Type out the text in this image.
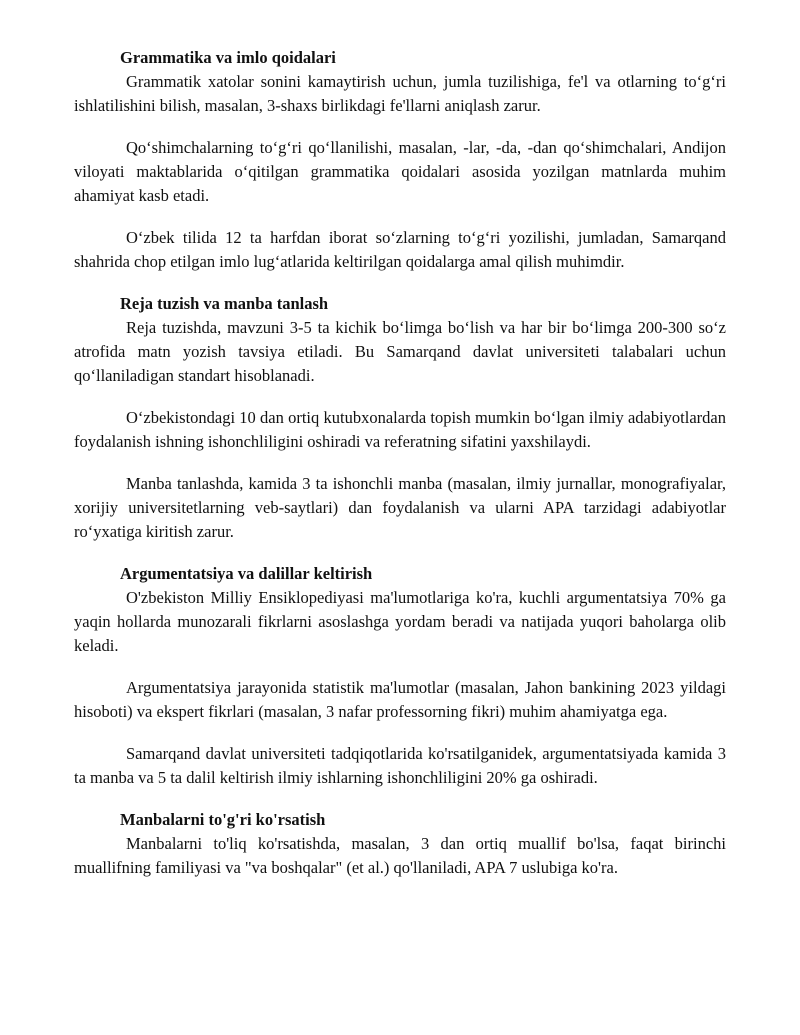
Grammatika va imlo qoidalari

Grammatik xatolar sonini kamaytirish uchun, jumla tuzilishiga, fe'l va otlarning to‘g‘ri ishlatilishini bilish, masalan, 3-shaxs birlikdagi fe'llarni aniqlash zarur.

Qo‘shimchalarning to‘g‘ri qo‘llanilishi, masalan, -lar, -da, -dan qo‘shimchalari, Andijon viloyati maktablarida o‘qitilgan grammatika qoidalari asosida yozilgan matnlarda muhim ahamiyat kasb etadi.

O‘zbek tilida 12 ta harfdan iborat so‘zlarning to‘g‘ri yozilishi, jumladan, Samarqand shahrida chop etilgan imlo lug‘atlarida keltirilgan qoidalarga amal qilish muhimdir.

Reja tuzish va manba tanlash

Reja tuzishda, mavzuni 3-5 ta kichik bo‘limga bo‘lish va har bir bo‘limga 200-300 so‘z atrofida matn yozish tavsiya etiladi. Bu Samarqand davlat universiteti talabalari uchun qo‘llaniladigan standart hisoblanadi.

O‘zbekistondagi 10 dan ortiq kutubxonalarda topish mumkin bo‘lgan ilmiy adabiyotlardan foydalanish ishning ishonchliligini oshiradi va referatning sifatini yaxshilaydi.

Manba tanlashda, kamida 3 ta ishonchli manba (masalan, ilmiy jurnallar, monografiyalar, xorijiy universitetlarning veb-saytlari) dan foydalanish va ularni APA tarzidagi adabiyotlar ro‘yxatiga kiritish zarur.

Argumentatsiya va dalillar keltirish

O'zbekiston Milliy Ensiklopediyasi ma'lumotlariga ko'ra, kuchli argumentatsiya 70% ga yaqin hollarda munozarali fikrlarni asoslashga yordam beradi va natijada yuqori baholarga olib keladi.

Argumentatsiya jarayonida statistik ma'lumotlar (masalan, Jahon bankining 2023 yildagi hisoboti) va ekspert fikrlari (masalan, 3 nafar professorning fikri) muhim ahamiyatga ega.

Samarqand davlat universiteti tadqiqotlarida ko'rsatilganidek, argumentatsiyada kamida 3 ta manba va 5 ta dalil keltirish ilmiy ishlarning ishonchliligini 20% ga oshiradi.

Manbalarni to'g'ri ko'rsatish

Manbalarni to'liq ko'rsatishda, masalan, 3 dan ortiq muallif bo'lsa, faqat birinchi muallifning familiyasi va "va boshqalar" (et al.) qo'llaniladi, APA 7 uslubiga ko'ra.
